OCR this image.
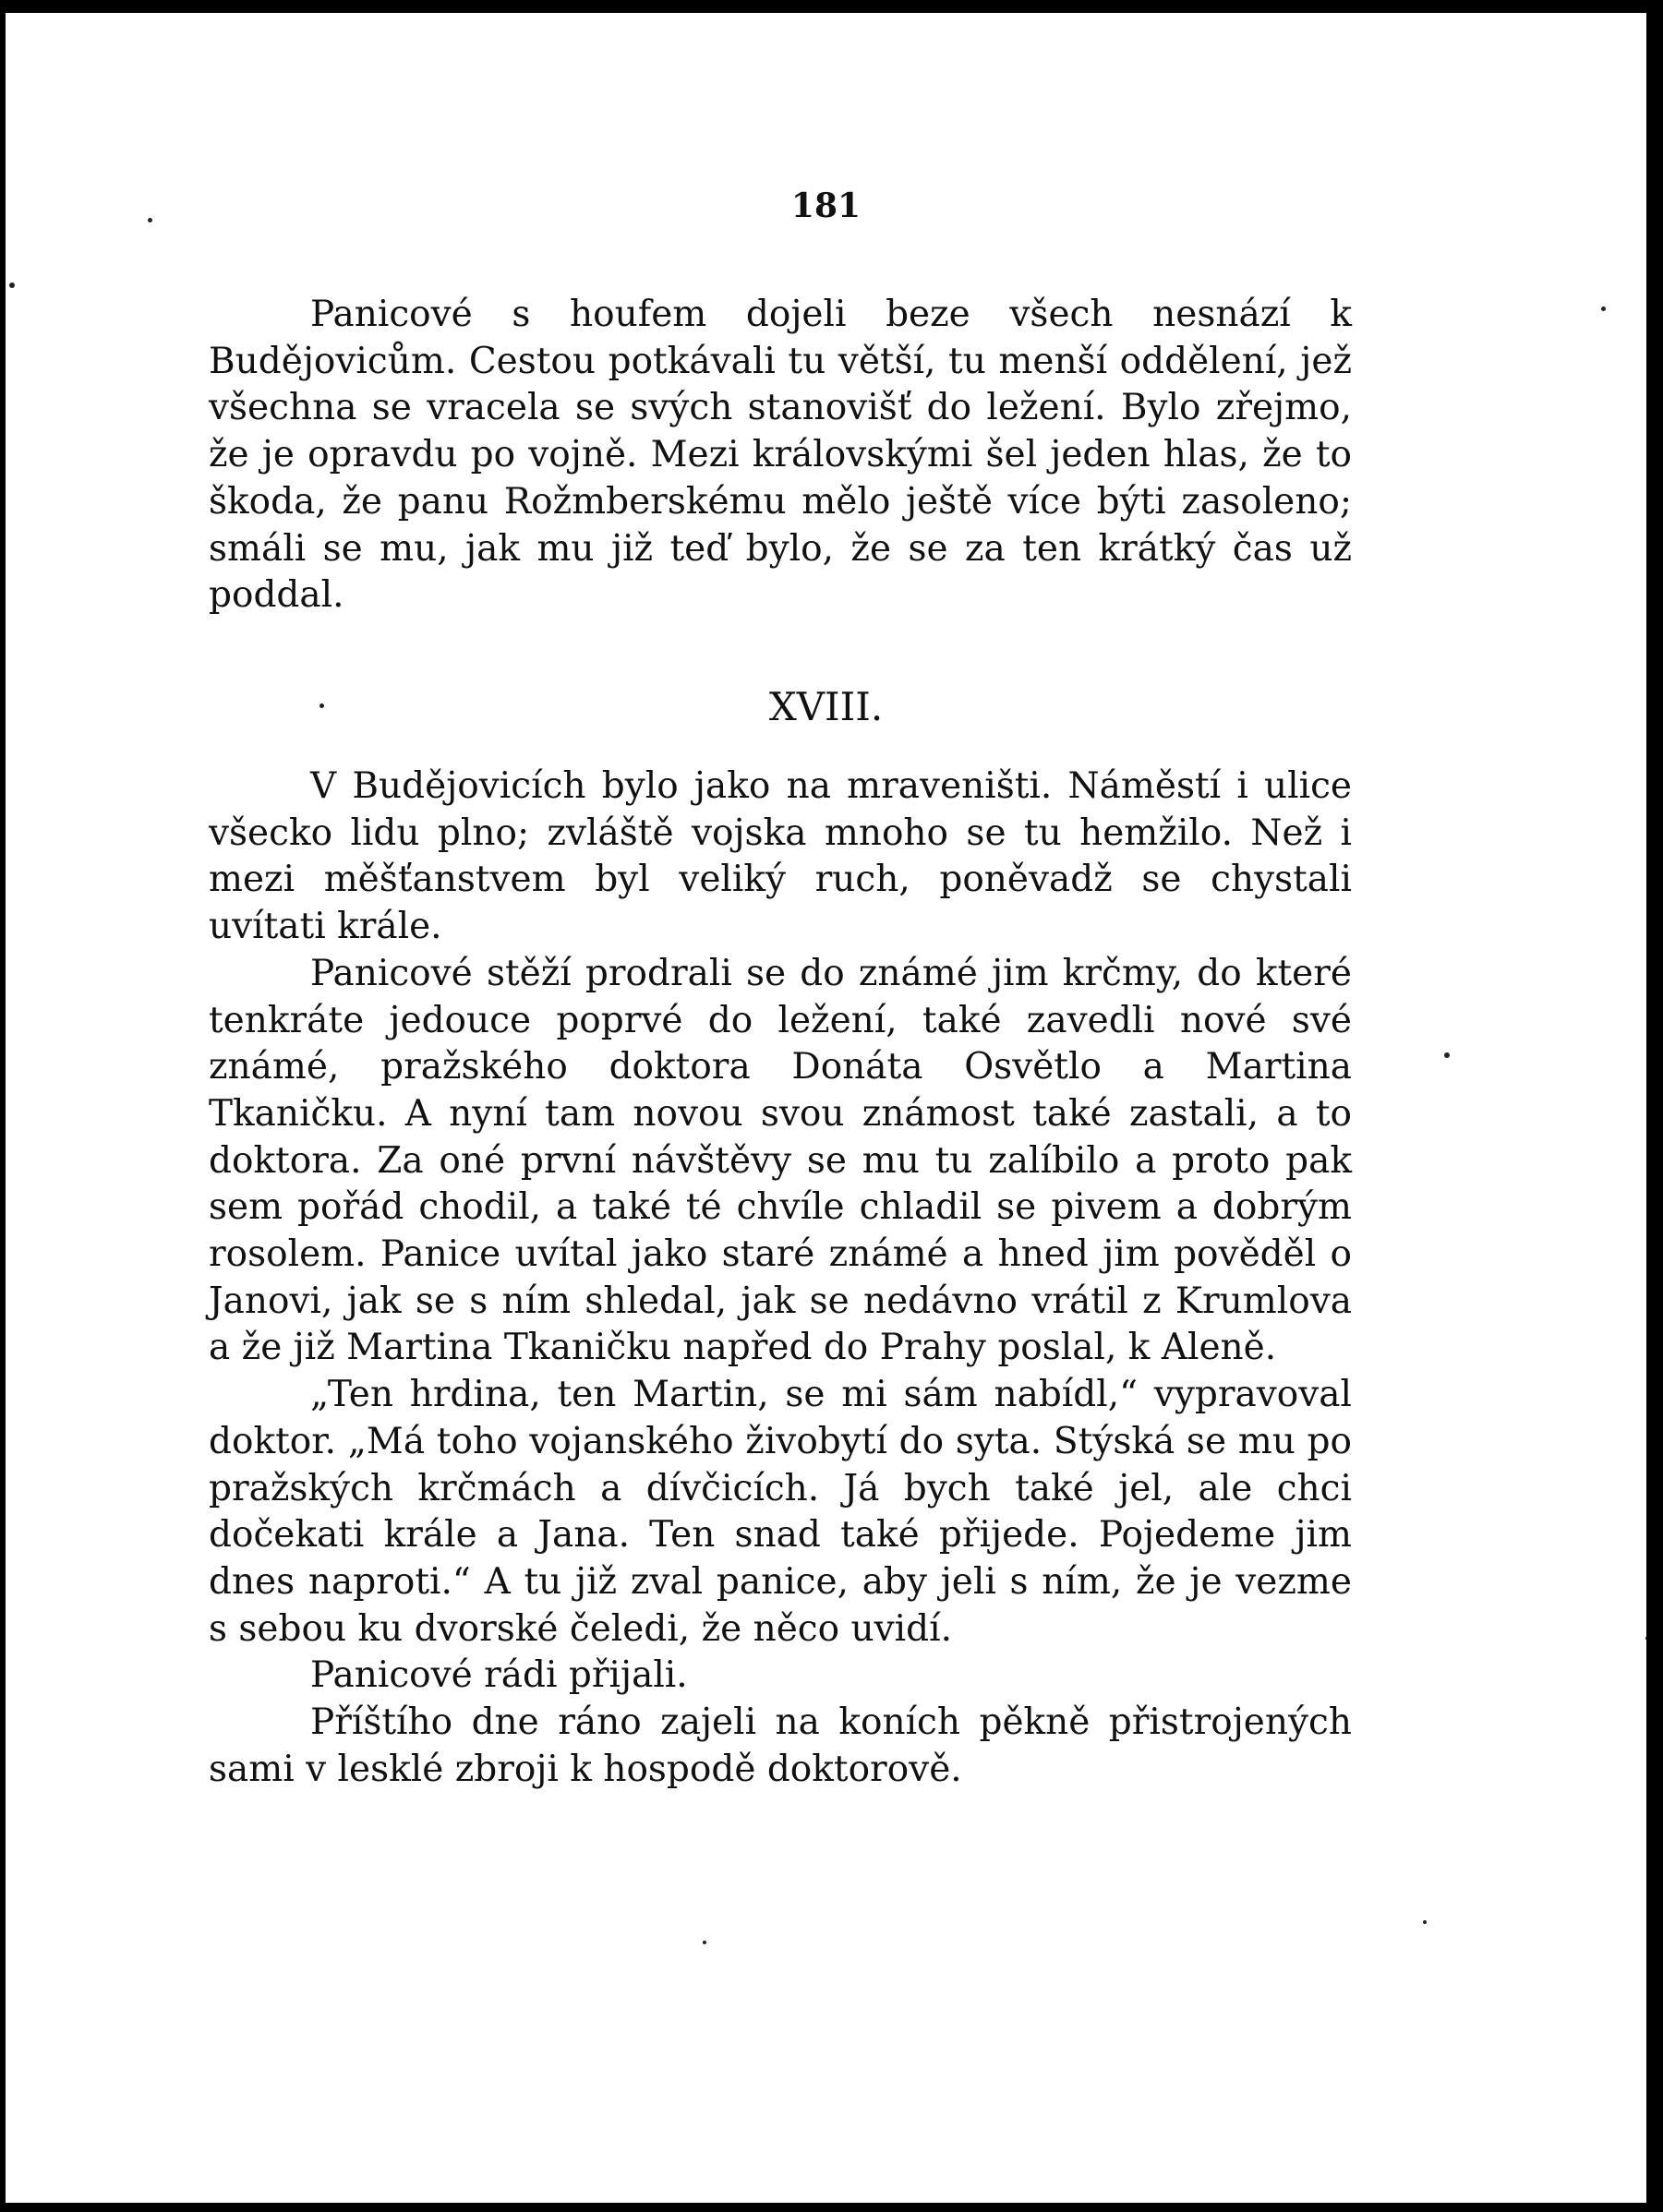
181

Panicové s houfem dojeli beze všech nesnází k Budějovicům. Cestou potkávali tu větší, tu menší oddělení, jež všechna se vracela se svých stanovišť do ležení. Bylo zřejmo, že je opravdu po vojně. Mezi královskými šel jeden hlas, že to škoda, že panu Rožmberskému mělo ještě více býti zasoleno; smáli se mu, jak mu již teď bylo, že se za ten krátký čas už poddal.

XVIII.

V Budějovicích bylo jako na mraveništi. Náměstí i ulice všecko lidu plno; zvláště vojska mnoho se tu hemžilo. Než i mezi měšťanstvem byl veliký ruch, poněvadž se chystali uvítati krále.

Panicové stěží prodrali se do známé jim krčmy, do které tenkráte jedouce poprvé do ležení, také zavedli nové své známé, pražského doktora Donáta Osvětlo a Martina Tkaničku. A nyní tam novou svou známost také zastali, a to doktora. Za oné první návštěvy se mu tu zalíbilo a proto pak sem pořád chodil, a také té chvíle chladil se pivem a dobrým rosolem. Panice uvítal jako staré známé a hned jim pověděl o Janovi, jak se s ním shledal, jak se nedávno vrátil z Krumlova a že již Martina Tkaničku napřed do Prahy poslal, k Aleně.

„Ten hrdina, ten Martin, se mi sám nabídl,“ vypravoval doktor. „Má toho vojanského živobytí do syta. Stýská se mu po pražských krčmách a dívčicích. Já bych také jel, ale chci dočekati krále a Jana. Ten snad také přijede. Pojedeme jim dnes naproti.“ A tu již zval panice, aby jeli s ním, že je vezme s sebou ku dvorské čeledi, že něco uvidí.

Panicové rádi přijali.

Příštího dne ráno zajeli na koních pěkně přistrojených sami v lesklé zbroji k hospodě doktorově.
